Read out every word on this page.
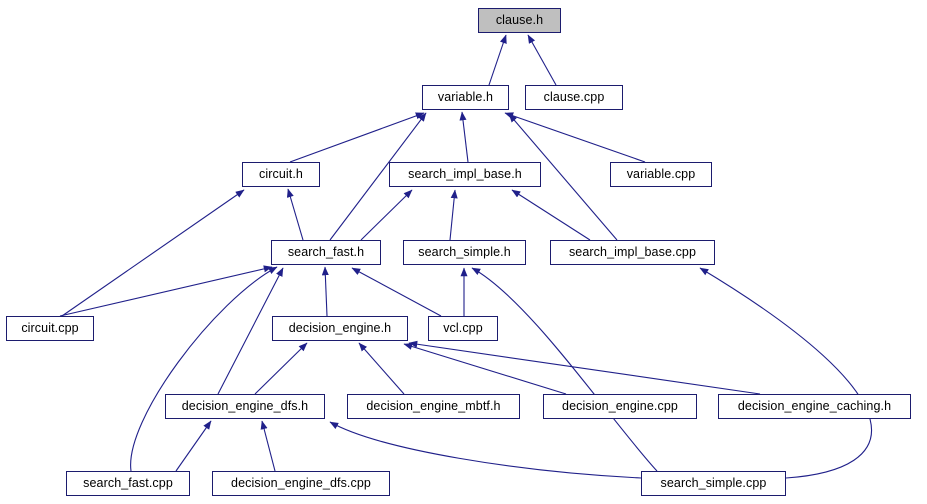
clause.h
variable.h	clause.cpp
circuit.h	search_impl_base.h	variable.cpp
search_fast.h	search_simple.h	search_impl_base.cpp
circuit.cpp	decision_engine.h	vcl.cpp
decision_engine_dfs.h	decision_engine_mbtf.h	decision_engine.cpp	decision_engine_caching.h
search_fast.cpp	decision_engine_dfs.cpp	search_simple.cpp
